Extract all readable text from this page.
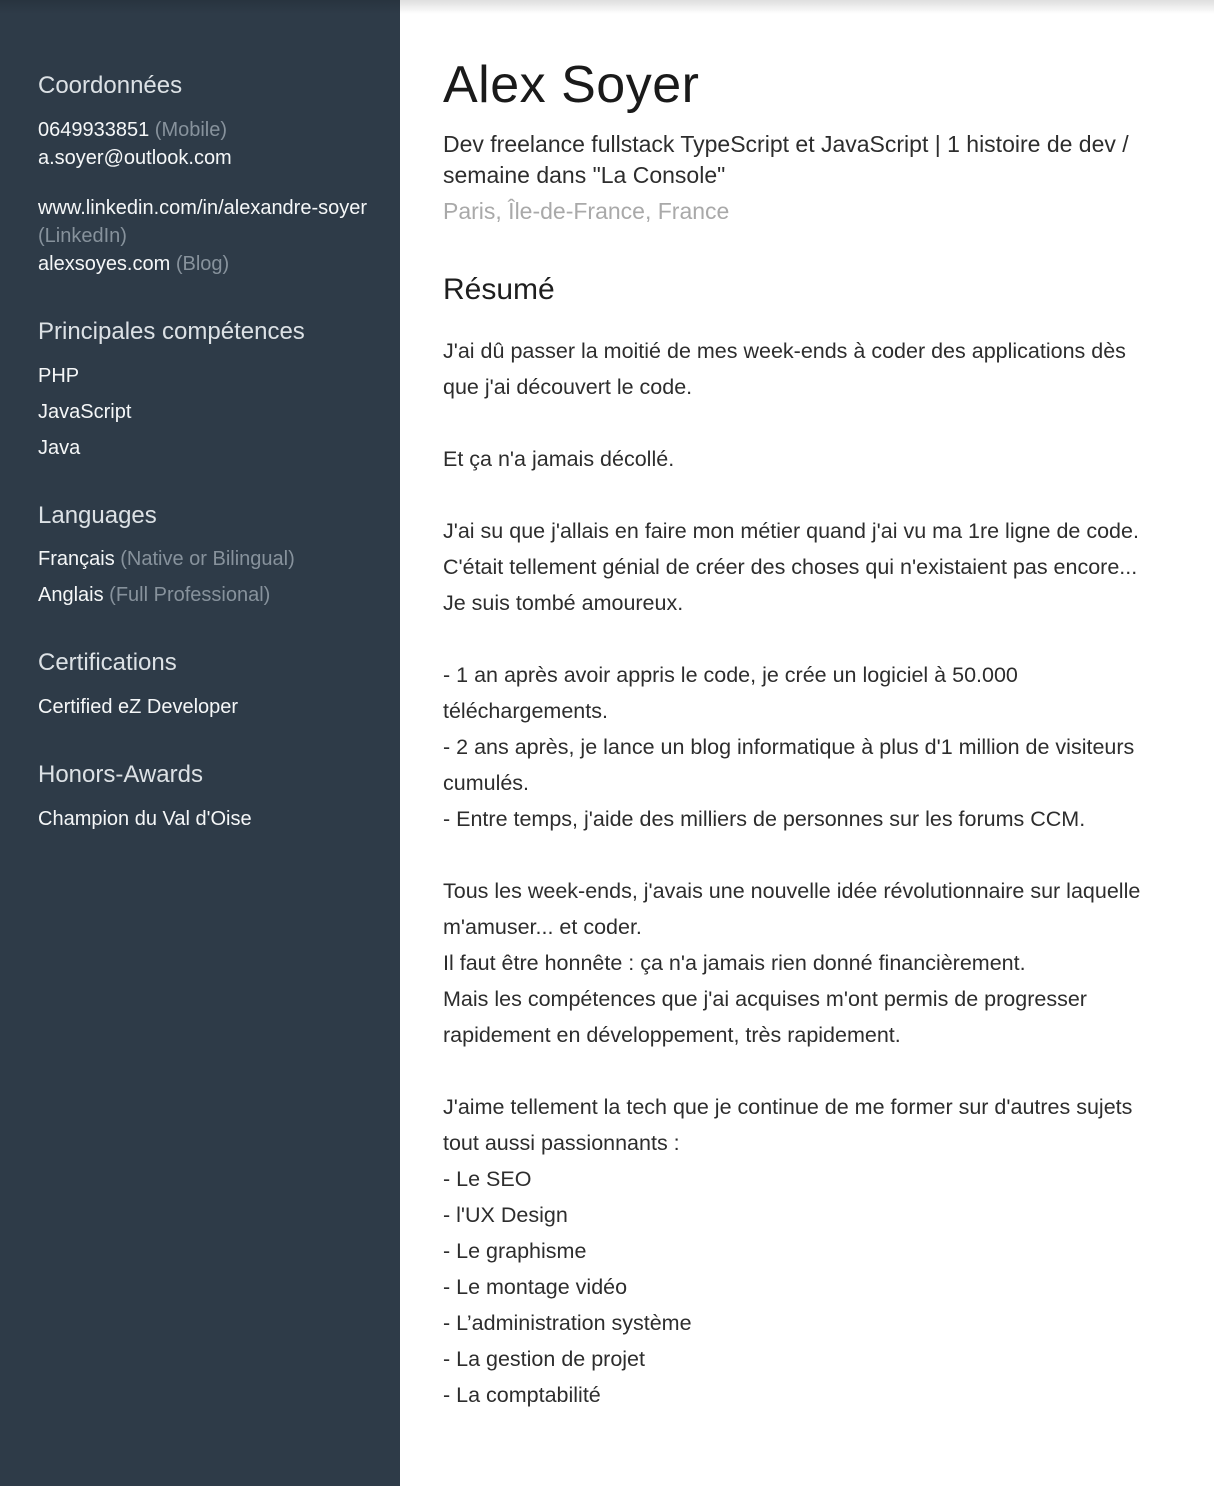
Coordonnées
0649933851 (Mobile)
a.soyer@outlook.com
www.linkedin.com/in/alexandre-soyer (LinkedIn)
alexsoyes.com (Blog)
Principales compétences
PHP
JavaScript
Java
Languages
Français (Native or Bilingual)
Anglais (Full Professional)
Certifications
Certified eZ Developer
Honors-Awards
Champion du Val d'Oise
Alex Soyer

Dev freelance fullstack TypeScript et JavaScript | 1 histoire de dev / semaine dans "La Console"

Paris, Île-de-France, France

Résumé

J'ai dû passer la moitié de mes week-ends à coder des applications dès que j'ai découvert le code.

Et ça n'a jamais décollé.

J'ai su que j'allais en faire mon métier quand j'ai vu ma 1re ligne de code.
C'était tellement génial de créer des choses qui n'existaient pas encore...
Je suis tombé amoureux.

- 1 an après avoir appris le code, je crée un logiciel à 50.000 téléchargements.
- 2 ans après, je lance un blog informatique à plus d'1 million de visiteurs cumulés.
- Entre temps, j'aide des milliers de personnes sur les forums CCM.

Tous les week-ends, j'avais une nouvelle idée révolutionnaire sur laquelle m'amuser... et coder.
Il faut être honnête : ça n'a jamais rien donné financièrement.
Mais les compétences que j'ai acquises m'ont permis de progresser rapidement en développement, très rapidement.

J'aime tellement la tech que je continue de me former sur d'autres sujets tout aussi passionnants :
- Le SEO
- l'UX Design
- Le graphisme
- Le montage vidéo
- L’administration système
- La gestion de projet
- La comptabilité
